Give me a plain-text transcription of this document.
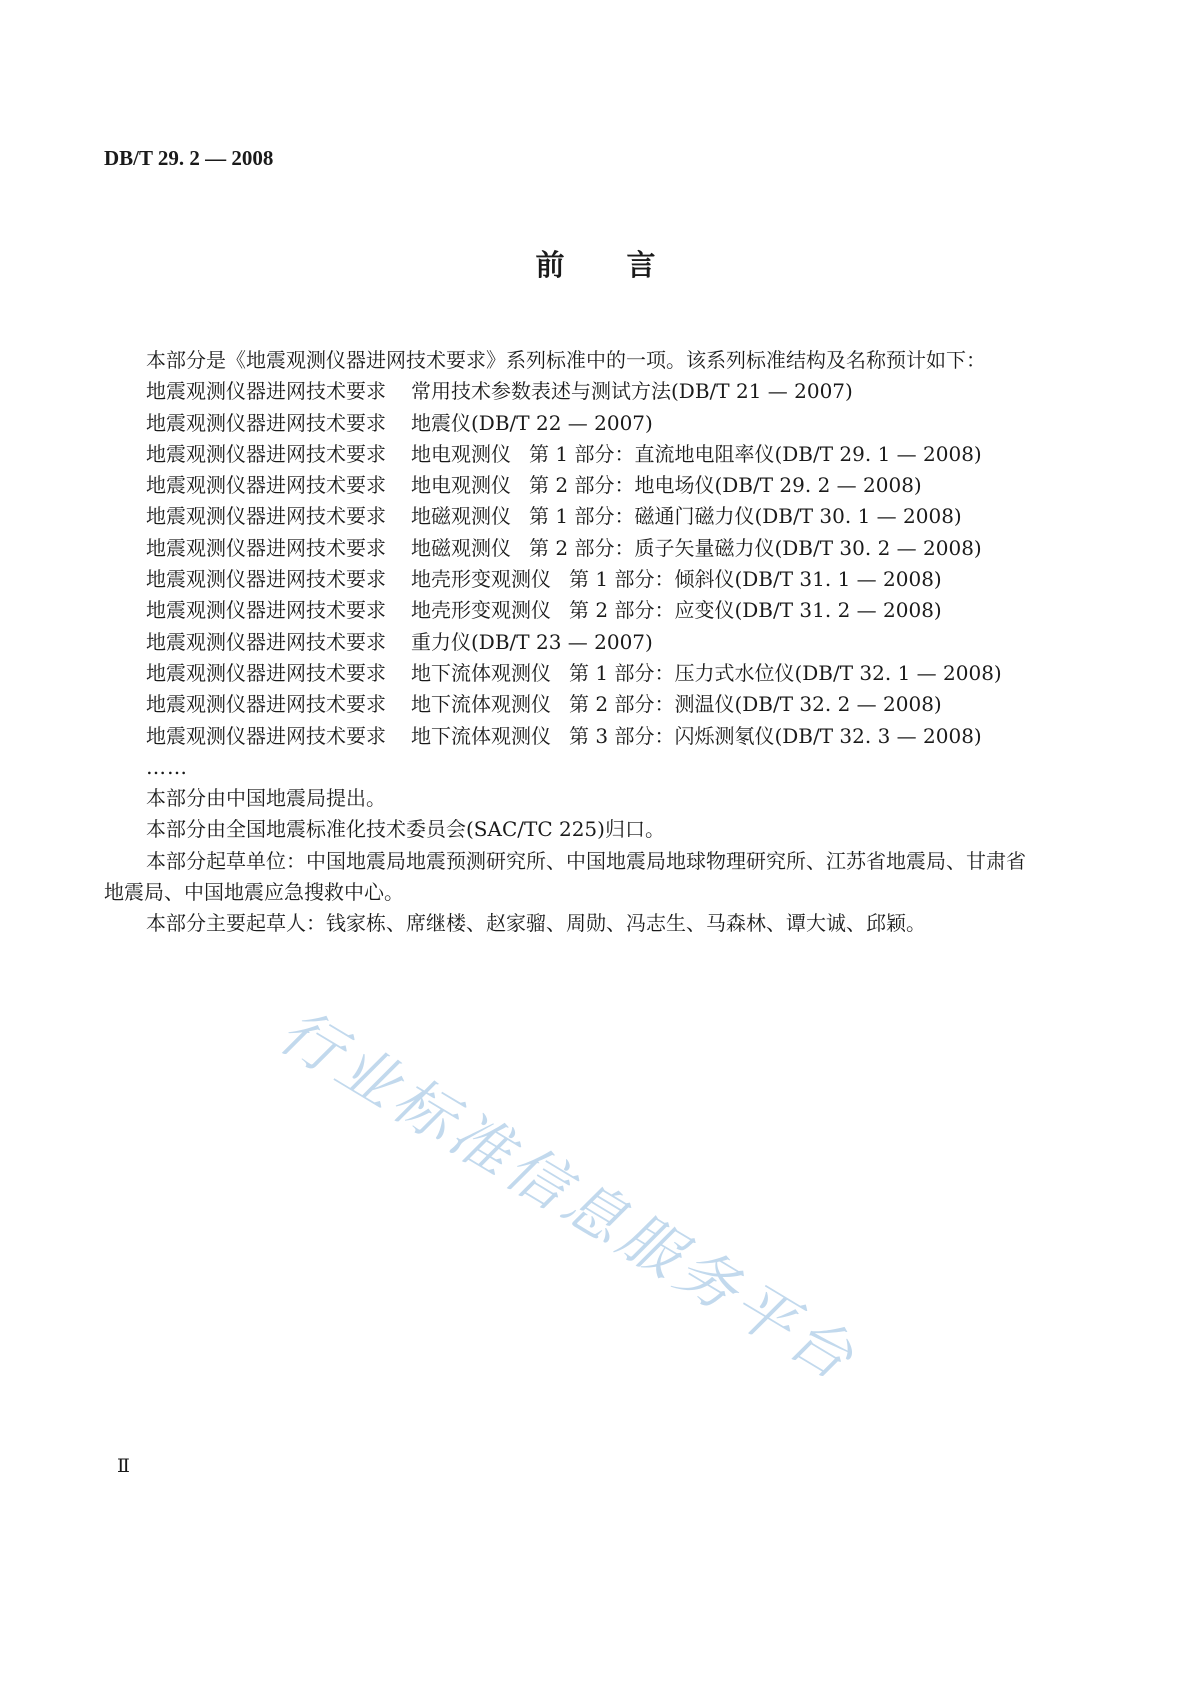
DB/T 29. 2 — 2008
前言
本部分是《地震观测仪器进网技术要求》系列标准中的一项。该系列标准结构及名称预计如下：
地震观测仪器进网技术要求 常用技术参数表述与测试方法(DB/T 21 — 2007)
地震观测仪器进网技术要求 地震仪(DB/T 22 — 2007)
地震观测仪器进网技术要求 地电观测仪 第 1 部分：直流地电阻率仪(DB/T 29. 1 — 2008)
地震观测仪器进网技术要求 地电观测仪 第 2 部分：地电场仪(DB/T 29. 2 — 2008)
地震观测仪器进网技术要求 地磁观测仪 第 1 部分：磁通门磁力仪(DB/T 30. 1 — 2008)
地震观测仪器进网技术要求 地磁观测仪 第 2 部分：质子矢量磁力仪(DB/T 30. 2 — 2008)
地震观测仪器进网技术要求 地壳形变观测仪 第 1 部分：倾斜仪(DB/T 31. 1 — 2008)
地震观测仪器进网技术要求 地壳形变观测仪 第 2 部分：应变仪(DB/T 31. 2 — 2008)
地震观测仪器进网技术要求 重力仪(DB/T 23 — 2007)
地震观测仪器进网技术要求 地下流体观测仪 第 1 部分：压力式水位仪(DB/T 32. 1 — 2008)
地震观测仪器进网技术要求 地下流体观测仪 第 2 部分：测温仪(DB/T 32. 2 — 2008)
地震观测仪器进网技术要求 地下流体观测仪 第 3 部分：闪烁测氡仪(DB/T 32. 3 — 2008)
……
本部分由中国地震局提出。
本部分由全国地震标准化技术委员会(SAC/TC 225)归口。
本部分起草单位：中国地震局地震预测研究所、中国地震局地球物理研究所、江苏省地震局、甘肃省地震局、中国地震应急搜救中心。
本部分主要起草人：钱家栋、席继楼、赵家骝、周勋、冯志生、马森林、谭大诚、邱颖。
行业标准信息服务平台
Ⅱ
